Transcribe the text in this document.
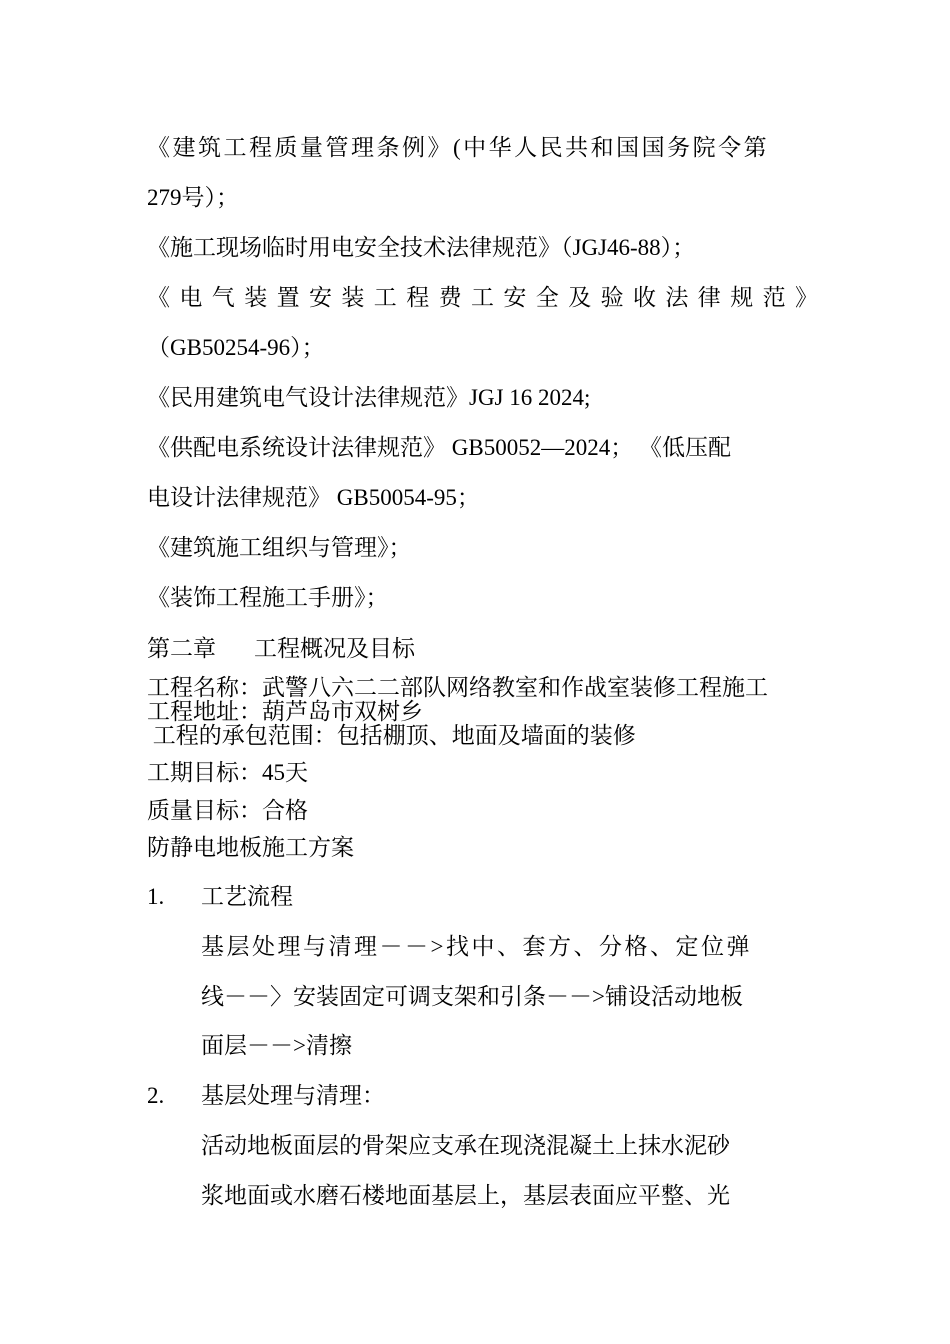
《建筑工程质量管理条例》(中华人民共和国国务院令第

279号）；

《施工现场临时用电安全技术法律规范》（JGJ46-88）；

《电气装置安装工程费工安全及验收法律规范》

（GB50254-96）；

《民用建筑电气设计法律规范》JGJ 16 2024;

《供配电系统设计法律规范》 GB50052—2024； 《低压配

电设计法律规范》 GB50054-95；

《建筑施工组织与管理》；

《装饰工程施工手册》；

第二章 工程概况及目标

工程名称：武警八六二二部队网络教室和作战室装修工程施工

工程地址：葫芦岛市双树乡

工程的承包范围：包括棚顶、地面及墙面的装修

工期目标：45天

质量目标：合格

防静电地板施工方案

1. 工艺流程

基层处理与清理－－>找中、套方、分格、定位弹

线－－〉安装固定可调支架和引条－－>铺设活动地板

面层－－>清擦

2. 基层处理与清理：

活动地板面层的骨架应支承在现浇混凝土上抹水泥砂

浆地面或水磨石楼地面基层上，基层表面应平整、光
